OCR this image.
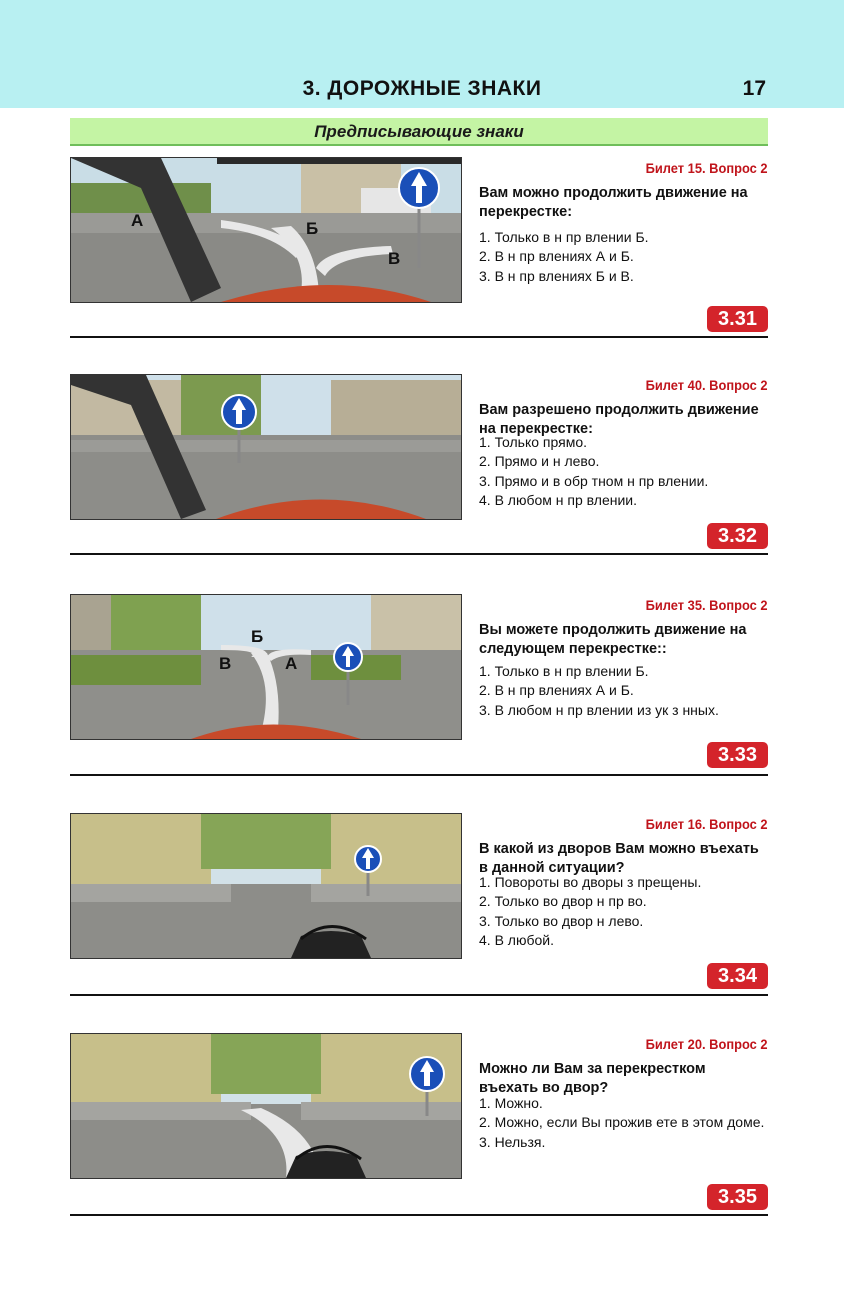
3. ДОРОЖНЫЕ ЗНАКИ	17
Предписывающие знаки
А	Б
В
Билет 15. Вопрос 2
Вам можно продолжить движение на перекрестке:
1. Только в н пр влении Б.
2. В н пр влениях А и Б.
3. В н пр влениях Б и В.
3.31
Билет 40. Вопрос 2
Вам разрешено продолжить движение на перекрестке:
1. Только прямо.
2. Прямо и н лево.
3. Прямо и в обр тном н пр влении.
4. В любом н пр влении.
3.32
Б
В	А
Билет 35. Вопрос 2
Вы можете продолжить движение на следующем перекрестке::
1. Только в н пр влении Б.
2. В н пр влениях А и Б.
3. В любом н пр влении из ук з нных.
3.33
Билет 16. Вопрос 2
В какой из дворов Вам можно въехать в данной ситуации?
1. Повороты во дворы з прещены.
2. Только во двор н пр во.
3. Только во двор н лево.
4. В любой.
3.34
Билет 20. Вопрос 2
Можно ли Вам за перекрестком въехать во двор?
1. Можно.
2. Можно, если Вы прожив ете в этом доме.
3. Нельзя.
3.35
